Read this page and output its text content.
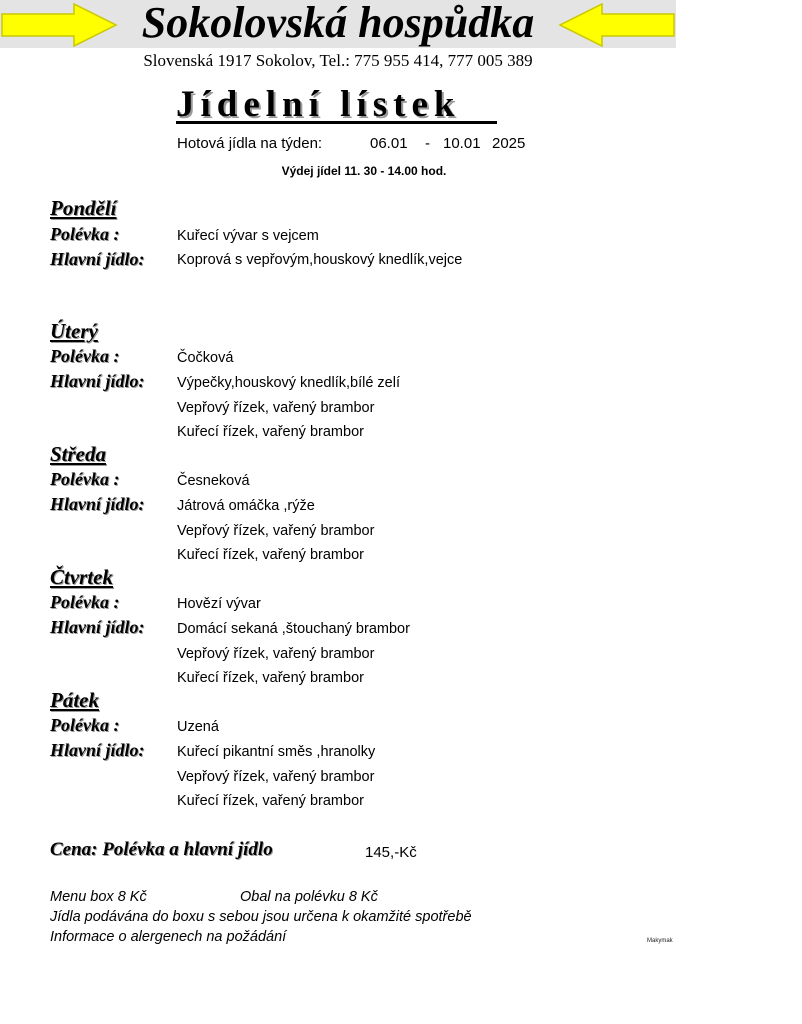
Sokolovská hospůdka
Slovenská 1917 Sokolov, Tel.: 775 955 414, 777 005 389
Jídelní lístek
Hotová jídla na týden:	06.01 - 10.01 2025
Výdej jídel 11. 30 - 14.00 hod.
Pondělí
Polévka :	Kuřecí vývar s vejcem
Hlavní jídlo: Koprová s vepřovým,houskový knedlík,vejce
Úterý
Polévka :	Čočková
Hlavní jídlo: Výpečky,houskový knedlík,bílé zelí
Vepřový řízek, vařený brambor
Kuřecí řízek, vařený brambor
Středa
Polévka :	Česneková
Hlavní jídlo: Játrová omáčka ,rýže
Vepřový řízek, vařený brambor
Kuřecí řízek, vařený brambor
Čtvrtek
Polévka :	Hovězí vývar
Hlavní jídlo: Domácí sekaná ,štouchaný brambor
Vepřový řízek, vařený brambor
Kuřecí řízek, vařený brambor
Pátek
Polévka :	Uzená
Hlavní jídlo: Kuřecí pikantní směs ,hranolky
Vepřový řízek, vařený brambor
Kuřecí řízek, vařený brambor
Cena: Polévka a hlavní jídlo	145,-Kč
Menu box 8 Kč	Obal na polévku 8 Kč
Jídla podávána do boxu s sebou jsou určena k okamžité spotřebě
Informace o alergenech na požádání	Makymak
